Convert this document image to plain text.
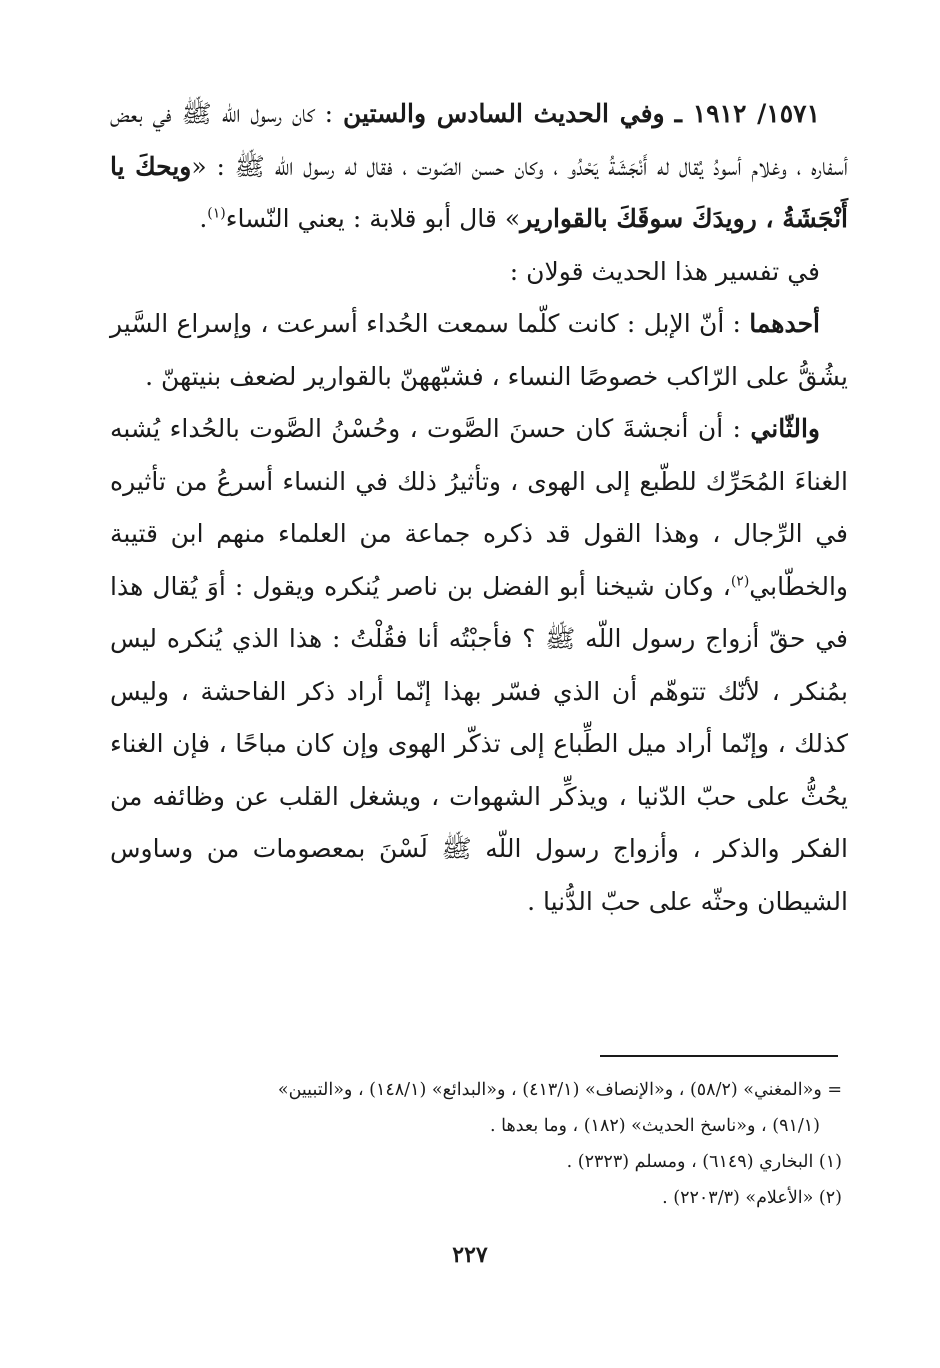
١٥٧١/ ١٩١٢ ـ وفي الحديث السادس والستين : كان رسول اللّه ﷺ في بعض أسفاره ، وغلام أسودُ يُقال له أَنْجَشَةُ يَحْدُو ، وكان حسن الصّوت ، فقال له رسول اللّه ﷺ : «ويحكَ يا أَنْجَشَةُ ، رويدَكَ سوقَكَ بالقوارير» قال أبو قلابة : يعني النّساء$^{(١)}$.

في تفسير هذا الحديث قولان :

أحدهما : أنّ الإبل : كانت كلّما سمعت الحُداء أسرعت ، وإسراع السَّير يشُقُّ على الرّاكب خصوصًا النساء ، فشبّههنّ بالقوارير لضعف بنيتهنّ .

والثّاني : أن أنجشةَ كان حسنَ الصَّوت ، وحُسْنُ الصَّوت بالحُداء يُشبه الغناءَ المُحَرِّك للطّبع إلى الهوى ، وتأثيرُ ذلك في النساء أسرعُ من تأثيره في الرِّجال ، وهذا القول قد ذكره جماعة من العلماء منهم ابن قتيبة والخطّابي$^{(٢)}$، وكان شيخنا أبو الفضل بن ناصر يُنكره ويقول : أوَ يُقال هذا في حقّ أزواج رسول اللّه ﷺ ؟ فأجبْتُه أنا فقُلْتُ : هذا الذي يُنكره ليس بمُنكر ، لأنّك تتوهّم أن الذي فسّر بهذا إنّما أراد ذكر الفاحشة ، وليس كذلك ، وإنّما أراد ميل الطِّباع إلى تذكّر الهوى وإن كان مباحًا ، فإن الغناء يحُثُّ على حبّ الدّنيا ، ويذكِّر الشهوات ، ويشغل القلب عن وظائفه من الفكر والذكر ، وأزواج رسول اللّه ﷺ لَسْنَ بمعصومات من وساوس الشيطان وحثّه على حبّ الدُّنيا .

= و«المغني» (٥٨/٢) ، و«الإنصاف» (٤١٣/١) ، و«البدائع» (١٤٨/١) ، و«التبيين»

(٩١/١) ، و«ناسخ الحديث» (١٨٢) ، وما بعدها .

(١) البخاري (٦١٤٩) ، ومسلم (٢٣٢٣) .

(٢) «الأعلام» (٢٢٠٣/٣) .

٢٢٧
